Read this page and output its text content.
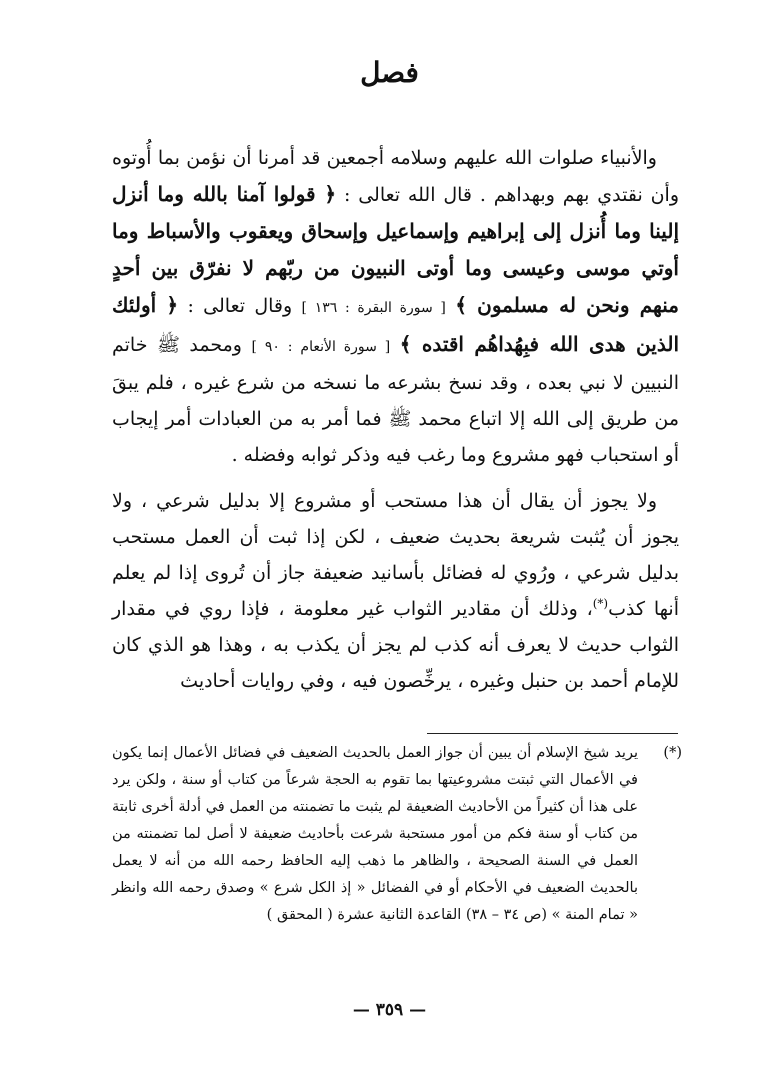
فصل

والأنبياء صلوات الله عليهم وسلامه أجمعين قد أمرنا أن نؤمن بما أُوتوه وأن نقتدي بهم وبهداهم . قال الله تعالى : ﴿ قولوا آمنا بالله وما أنزل إلينا وما أُنزل إلى إبراهيم وإسماعيل وإسحاق ويعقوب والأسباط وما أوتي موسى وعيسى وما أوتى النبيون من ربّهم لا نفرّق بين أحدٍ منهم ونحن له مسلمون ﴾ [ سورة البقرة : ١٣٦ ] وقال تعالى : ﴿ أولئك الذين هدى الله فبِهُداهُم اقتده ﴾ [ سورة الأنعام : ٩٠ ] ومحمد ﷺ خاتم النبيين لا نبي بعده ، وقد نسخ بشرعه ما نسخه من شرع غيره ، فلم يبقَ من طريق إلى الله إلا اتباع محمد ﷺ فما أمر به من العبادات أمر إيجاب أو استحباب فهو مشروع وما رغب فيه وذكر ثوابه وفضله .

ولا يجوز أن يقال أن هذا مستحب أو مشروع إلا بدليل شرعي ، ولا يجوز أن يُثبت شريعة بحديث ضعيف ، لكن إذا ثبت أن العمل مستحب بدليل شرعي ، ورُوي له فضائل بأسانيد ضعيفة جاز أن تُروى إذا لم يعلم أنها كذب(*)، وذلك أن مقادير الثواب غير معلومة ، فإذا روي في مقدار الثواب حديث لا يعرف أنه كذب لم يجز أن يكذب به ، وهذا هو الذي كان للإمام أحمد بن حنبل وغيره ، يرخِّصون فيه ، وفي روايات أحاديث

(*)
يريد شيخ الإسلام أن يبين أن جواز العمل بالحديث الضعيف في فضائل الأعمال إنما يكون في الأعمال التي ثبتت مشروعيتها بما تقوم به الحجة شرعاً من كتاب أو سنة ، ولكن يرد على هذا أن كثيراً من الأحاديث الضعيفة لم يثبت ما تضمنته من العمل في أدلة أخرى ثابتة من كتاب أو سنة فكم من أمور مستحبة شرعت بأحاديث ضعيفة لا أصل لما تضمنته من العمل في السنة الصحيحة ، والظاهر ما ذهب إليه الحافظ رحمه الله من أنه لا يعمل بالحديث الضعيف في الأحكام أو في الفضائل « إذ الكل شرع » وصدق رحمه الله وانظر « تمام المنة » (ص ٣٤ – ٣٨) القاعدة الثانية عشرة ( المحقق )
— ٣٥٩ —
